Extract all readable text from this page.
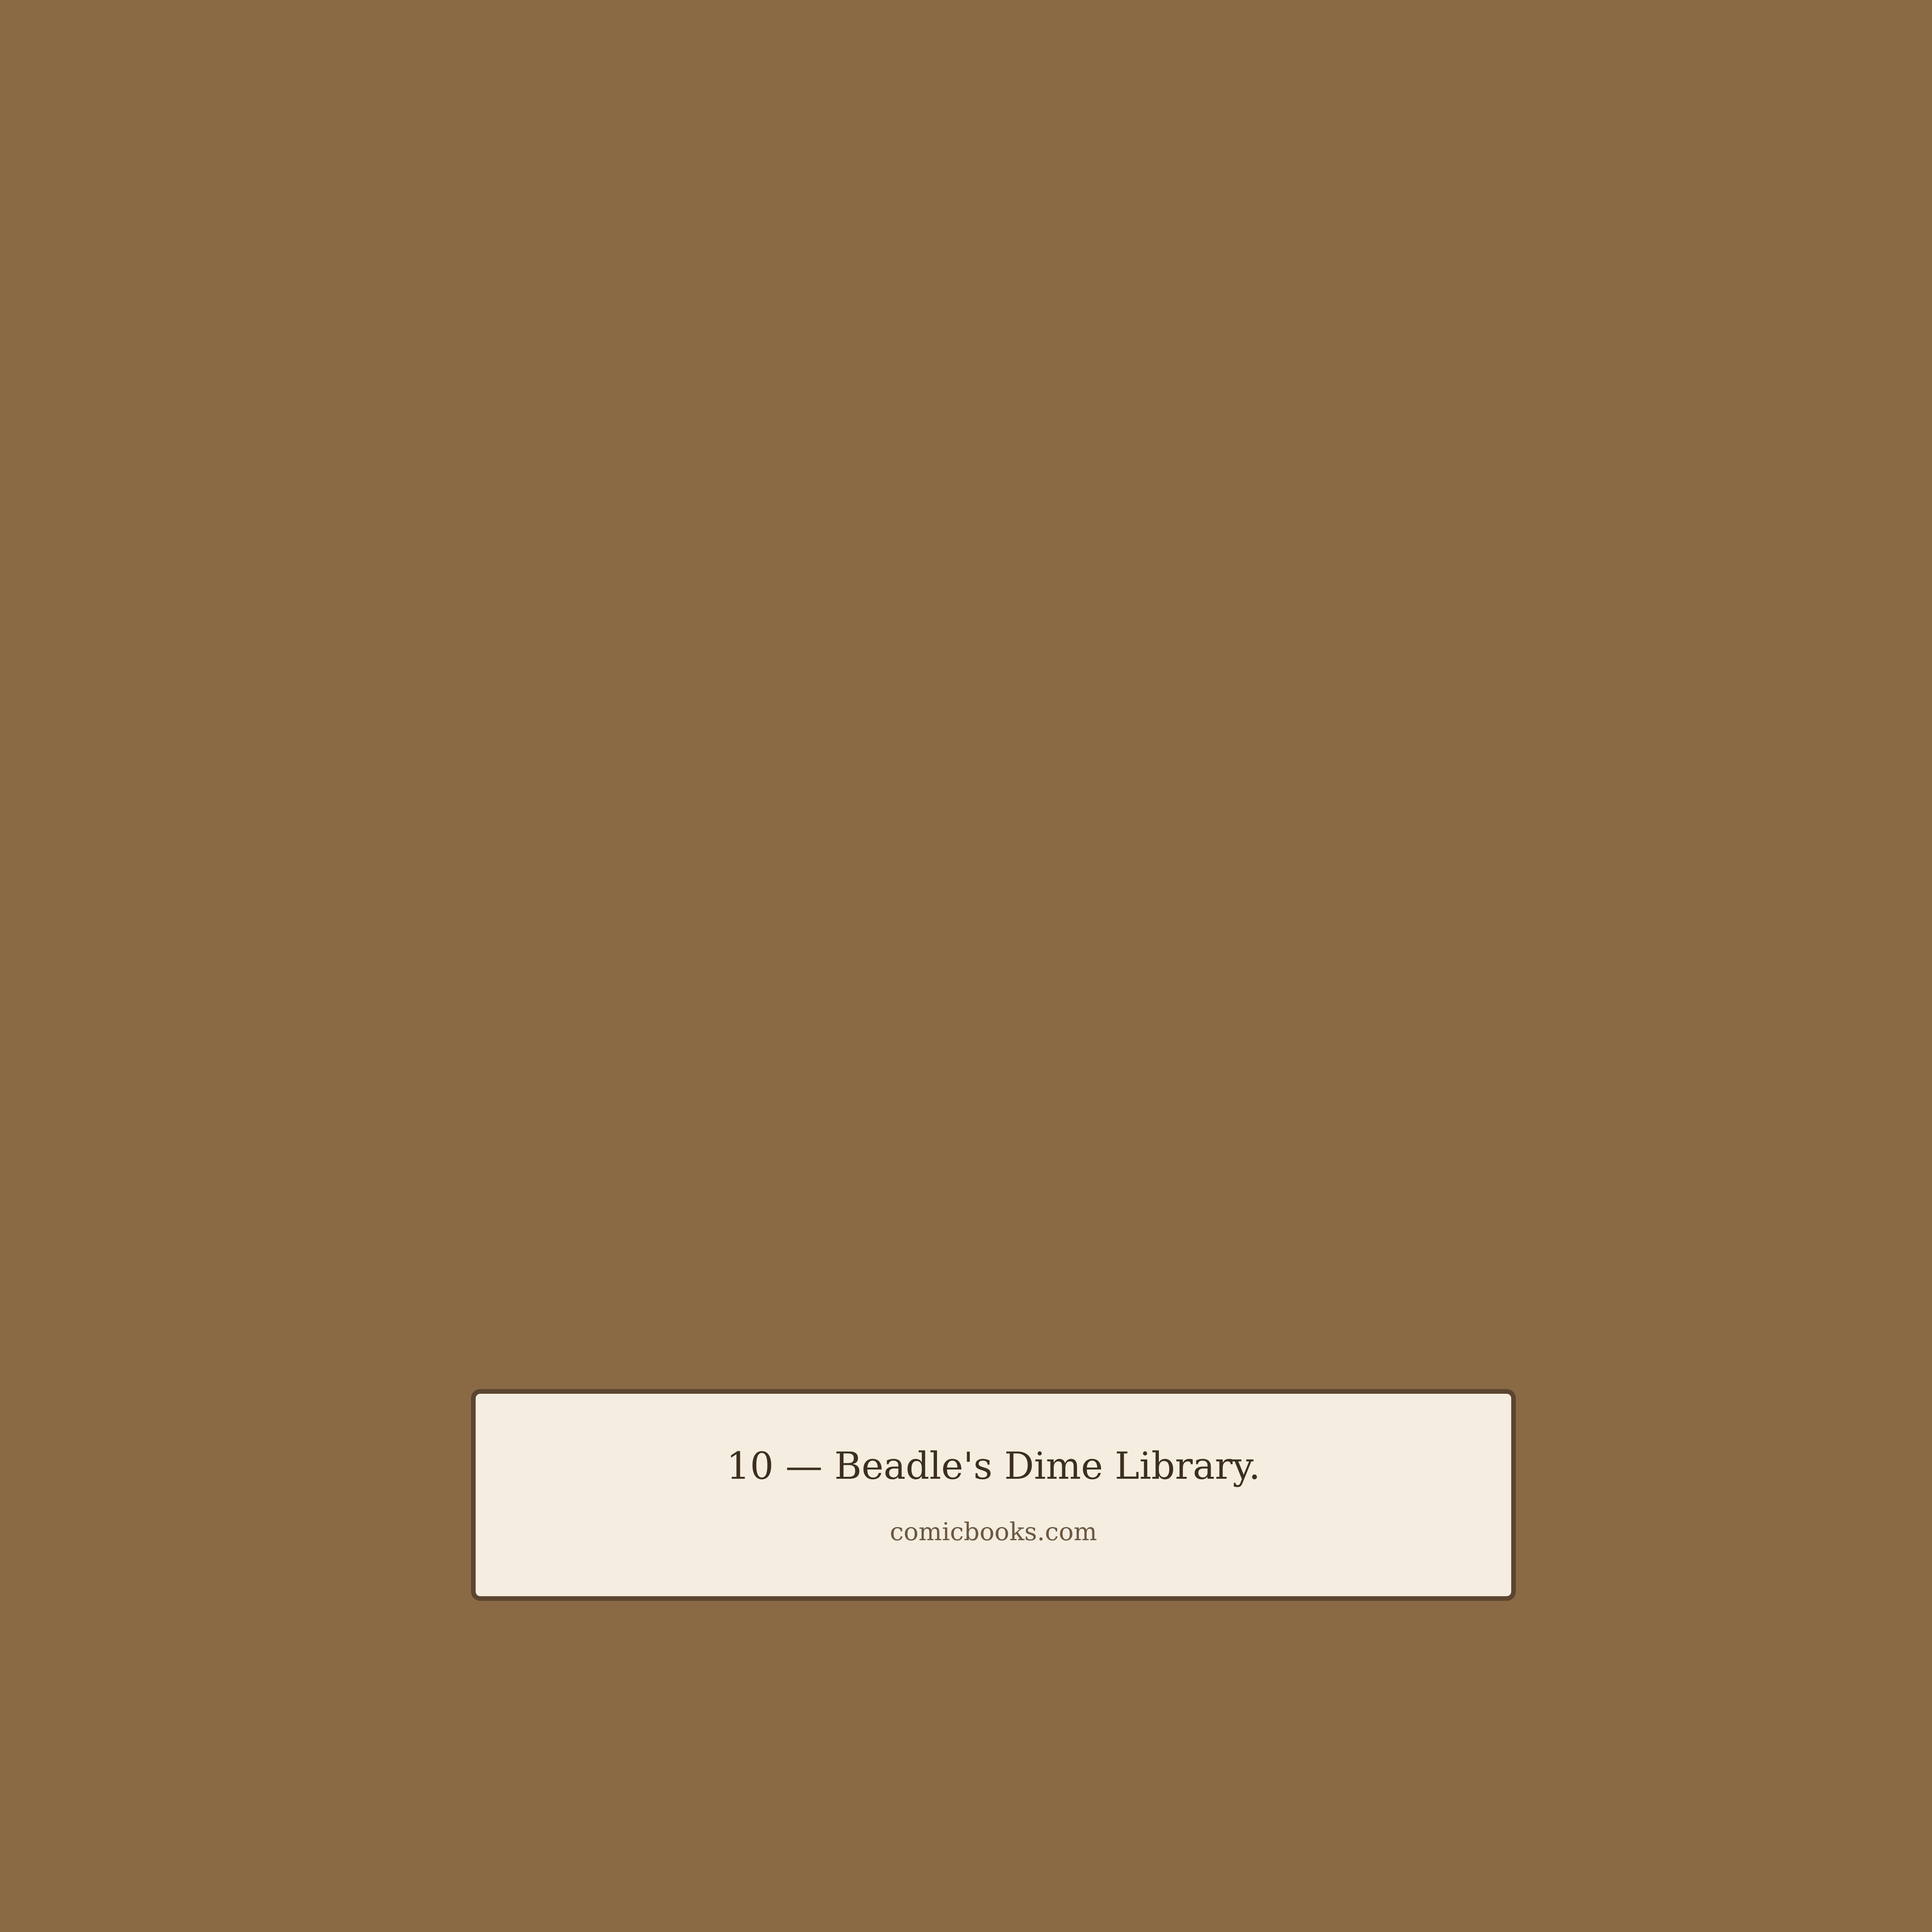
10 — Beadle's Dime Library.
comicbooks.com
